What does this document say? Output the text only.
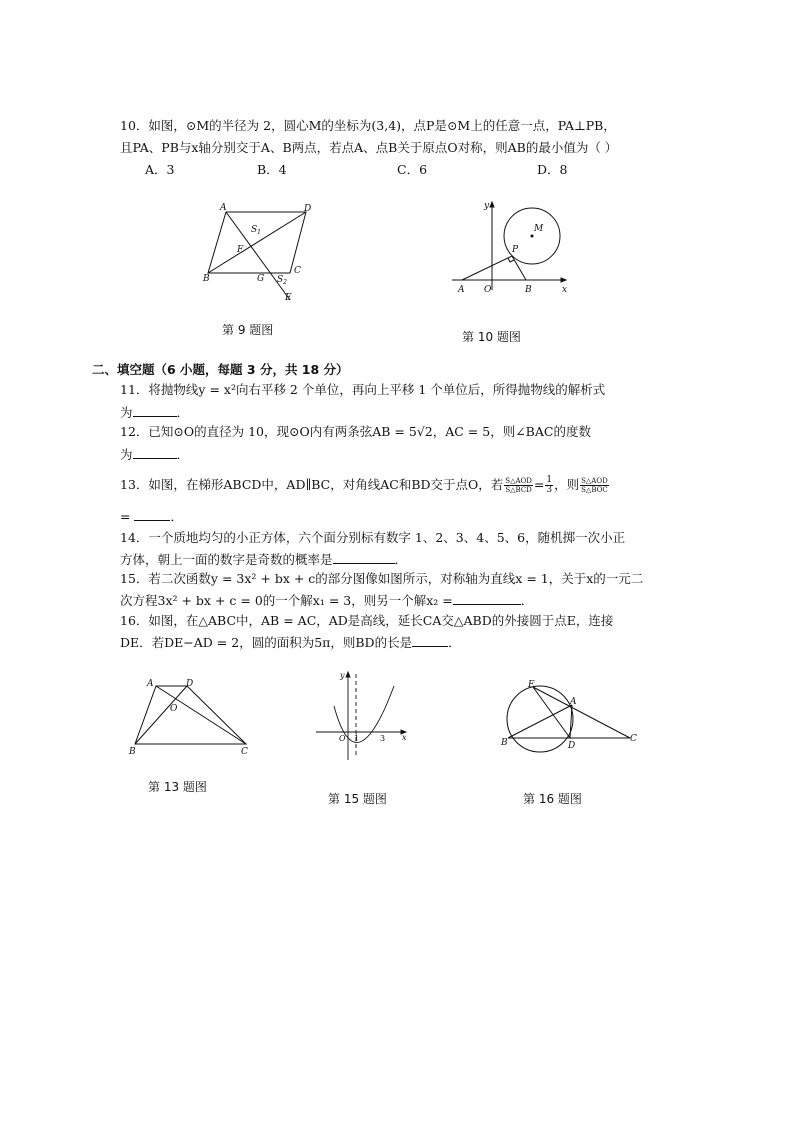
10．如图，⊙M的半径为 2，圆心M的坐标为(3,4)，点P是⊙M上的任意一点，PA⊥PB，
且PA、PB与x轴分别交于A、B两点，若点A、点B关于原点O对称，则AB的最小值为（ ）
A．3	B．4	C．6	D．8
A	D
$S_1$
F
B	G $S_2$
C
E
第 9 题图
y
M
P
A O	B	x
第 10 题图
二、填空题（6 小题，每题 3 分，共 18 分）
11．将抛物线y = x²向右平移 2 个单位，再向上平移 1 个单位后，所得抛物线的解析式
为	．
12．已知⊙O的直径为 10，现⊙O内有两条弦AB = 5√2，AC = 5，则∠BAC的度数
为	．
13．如图，在梯形ABCD中，AD∥BC，对角线AC和BD交于点O，若 $\frac{\text{S△AOD}}{\text{S△BCD}} = \frac{1}{3}$ ，则 $\frac{\text{S△AOD}}{\text{S△BOC}}$
=	．
14．一个质地均匀的小正方体，六个面分别标有数字 1、2、3、4、5、6，随机掷一次小正
方体，朝上一面的数字是奇数的概率是	．
15．若二次函数y = 3x² + bx + c的部分图像如图所示，对称轴为直线x = 1，关于x的一元二
次方程3x² + bx + c = 0的一个解x₁ = 3，则另一个解x₂ =	．
16．如图，在△ABC中，AB = AC，AD是高线，延长CA交△ABD的外接圆于点E，连接
DE．若DE−AD = 2，圆的面积为5π，则BD的长是	．
A	D
O
B	C
第 13 题图
y
O 1	3 x
第 15 题图
E
A
B	D
C
第 16 题图
